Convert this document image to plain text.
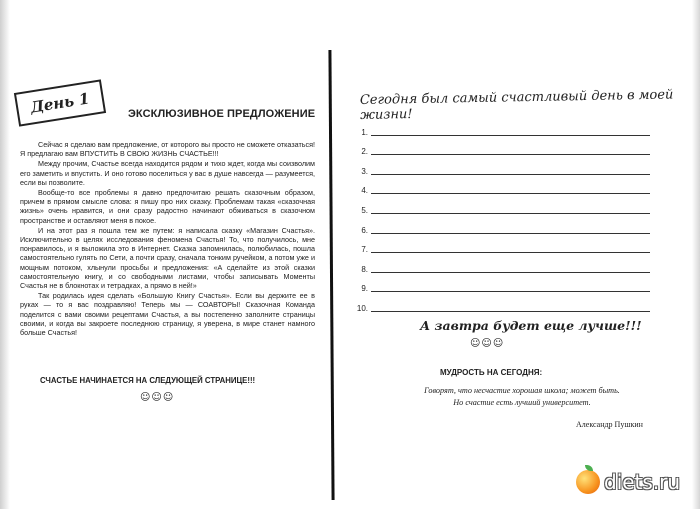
День 1	ЭКСКЛЮЗИВНОЕ ПРЕДЛОЖЕНИЕ

Сейчас я сделаю вам предложение, от которого вы просто не сможете отказаться! Я предлагаю вам ВПУСТИТЬ В СВОЮ ЖИЗНЬ СЧАСТЬЕ!!!

Между прочим, Счастье всегда находится рядом и тихо ждет, когда мы соизволим его заметить и впустить. И оно готово поселиться у вас в душе навсегда — разумеется, если вы позволите.

Вообще-то все проблемы я давно предпочитаю решать сказочным образом, причем в прямом смысле слова: я пишу про них сказку. Проблемам такая «сказочная жизнь» очень нравится, и они сразу радостно начинают обживаться в сказочном пространстве и оставляют меня в покое.

И на этот раз я пошла тем же путем: я написала сказку «Магазин Счастья». Исключительно в целях исследования феномена Счастья! То, что получилось, мне понравилось, и я выложила это в Интернет. Сказка запомнилась, полюбилась, пошла самостоятельно гулять по Сети, а почти сразу, сначала тонким ручейком, а потом уже и мощным потоком, хлынули просьбы и предложения: «А сделайте из этой сказки самостоятельную книгу, и со свободными листами, чтобы записывать Моменты Счастья не в блокнотах и тетрадках, а прямо в ней!»

Так родилась идея сделать «Большую Книгу Счастья». Если вы держите ее в руках — то я вас поздравляю! Теперь мы — СОАВТОРЫ! Сказочная Команда поделится с вами своими рецептами Счастья, а вы постепенно заполните страницы своими, и когда вы закроете последнюю страницу, я уверена, в мире станет намного больше Счастья!

СЧАСТЬЕ НАЧИНАЕТСЯ НА СЛЕДУЮЩЕЙ СТРАНИЦЕ!!!
☺☺☺
Сегодня был самый счастливый день в моей жизни!
1.
2.
3.
4.
5.
6.
7.
8.
9.
10.
А завтра будет еще лучше!!!
☺☺☺
МУДРОСТЬ НА СЕГОДНЯ:
Говорят, что несчастие хорошая школа; может быть.
Но счастие есть лучший университет.
Александр Пушкин
diets.ru
